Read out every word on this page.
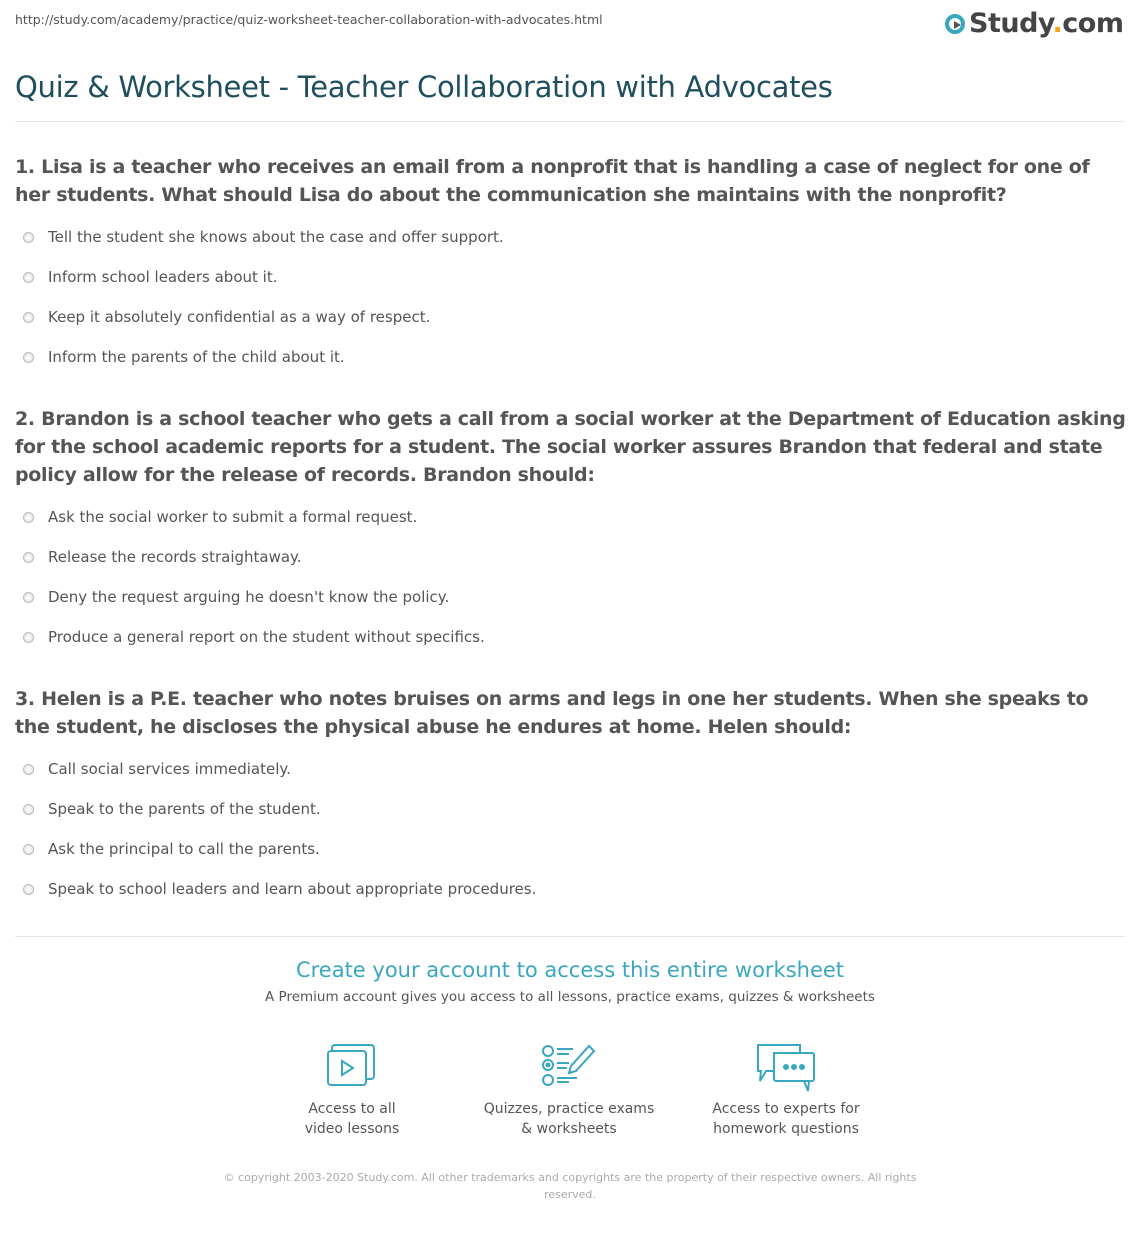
http://study.com/academy/practice/quiz-worksheet-teacher-collaboration-with-advocates.html	Study.com
Quiz & Worksheet - Teacher Collaboration with Advocates
1. Lisa is a teacher who receives an email from a nonprofit that is handling a case of neglect for one of her students. What should Lisa do about the communication she maintains with the nonprofit?
Tell the student she knows about the case and offer support.
Inform school leaders about it.
Keep it absolutely confidential as a way of respect.
Inform the parents of the child about it.
2. Brandon is a school teacher who gets a call from a social worker at the Department of Education asking for the school academic reports for a student. The social worker assures Brandon that federal and state policy allow for the release of records. Brandon should:
Ask the social worker to submit a formal request.
Release the records straightaway.
Deny the request arguing he doesn't know the policy.
Produce a general report on the student without specifics.
3. Helen is a P.E. teacher who notes bruises on arms and legs in one her students. When she speaks to the student, he discloses the physical abuse he endures at home. Helen should:
Call social services immediately.
Speak to the parents of the student.
Ask the principal to call the parents.
Speak to school leaders and learn about appropriate procedures.
Create your account to access this entire worksheet
A Premium account gives you access to all lessons, practice exams, quizzes & worksheets
Access to all
video lessons
Quizzes, practice exams
& worksheets
Access to experts for
homework questions
© copyright 2003-2020 Study.com. All other trademarks and copyrights are the property of their respective owners. All rights reserved.
